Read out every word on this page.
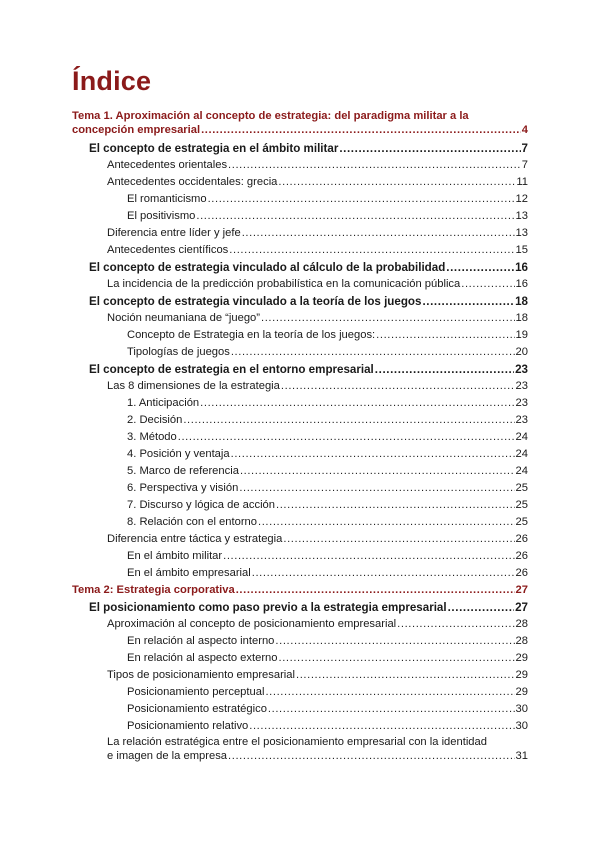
Índice
Tema 1. Aproximación al concepto de estrategia: del paradigma militar a la
concepción empresarial .....	4
El concepto de estrategia en el ámbito militar .....	7
Antecedentes orientales .....	7
Antecedentes occidentales: grecia .....	11
El romanticismo .....	12
El positivismo .....	13
Diferencia entre líder y jefe .....	13
Antecedentes científicos .....	15
El concepto de estrategia vinculado al cálculo de la probabilidad .....	16
La incidencia de la predicción probabilística en la comunicación pública .....	16
El concepto de estrategia vinculado a la teoría de los juegos .....	18
Noción neumaniana de “juego” .....	18
Concepto de Estrategia en la teoría de los juegos: .....	19
Tipologías de juegos .....	20
El concepto de estrategia en el entorno empresarial .....	23
Las 8 dimensiones de la estrategia .....	23
1. Anticipación .....	23
2. Decisión .....	23
3. Método .....	24
4. Posición y ventaja .....	24
5. Marco de referencia .....	24
6. Perspectiva y visión .....	25
7. Discurso y lógica de acción .....	25
8. Relación con el entorno .....	25
Diferencia entre táctica y estrategia .....	26
En el ámbito militar .....	26
En el ámbito empresarial .....	26
Tema 2: Estrategia corporativa .....	27
El posicionamiento como paso previo a la estrategia empresarial .....	27
Aproximación al concepto de posicionamiento empresarial .....	28
En relación al aspecto interno .....	28
En relación al aspecto externo .....	29
Tipos de posicionamiento empresarial .....	29
Posicionamiento perceptual .....	29
Posicionamiento estratégico .....	30
Posicionamiento relativo .....	30
La relación estratégica entre el posicionamiento empresarial con la identidad
e imagen de la empresa .....	31
